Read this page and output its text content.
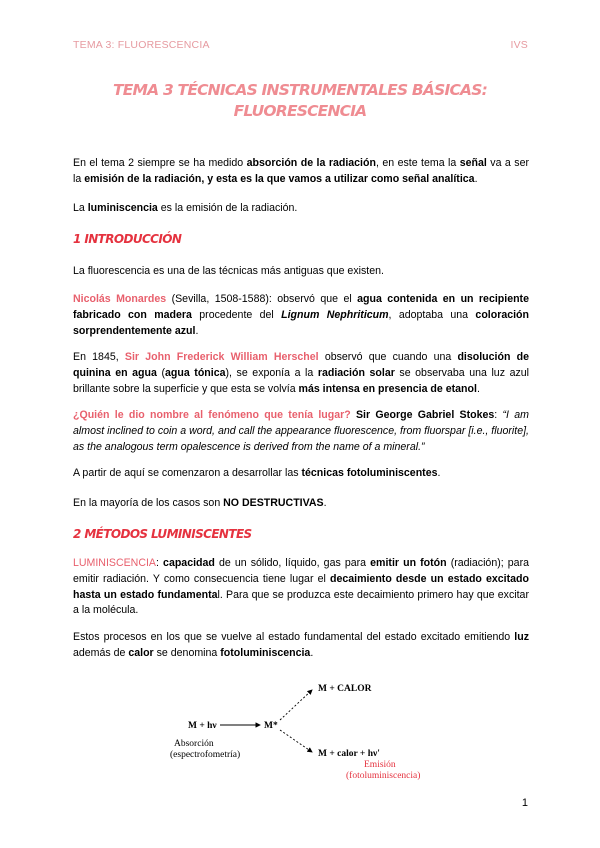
TEMA 3: FLUORESCENCIA	IVS
TEMA 3 TÉCNICAS INSTRUMENTALES BÁSICAS:
FLUORESCENCIA
En el tema 2 siempre se ha medido absorción de la radiación, en este tema la señal va a ser la emisión de la radiación, y esta es la que vamos a utilizar como señal analítica.
La luminiscencia es la emisión de la radiación.
1 INTRODUCCIÓN
La fluorescencia es una de las técnicas más antiguas que existen.
Nicolás Monardes (Sevilla, 1508-1588): observó que el agua contenida en un recipiente fabricado con madera procedente del Lignum Nephriticum, adoptaba una coloración sorprendentemente azul.
En 1845, Sir John Frederick William Herschel observó que cuando una disolución de quinina en agua (agua tónica), se exponía a la radiación solar se observaba una luz azul brillante sobre la superficie y que esta se volvía más intensa en presencia de etanol.
¿Quién le dio nombre al fenómeno que tenía lugar? Sir George Gabriel Stokes: “I am almost inclined to coin a word, and call the appearance fluorescence, from fluorspar [i.e., fluorite], as the analogous term opalescence is derived from the name of a mineral.”
A partir de aquí se comenzaron a desarrollar las técnicas fotoluminiscentes.
En la mayoría de los casos son NO DESTRUCTIVAS.
2 MÉTODOS LUMINISCENTES
LUMINISCENCIA: capacidad de un sólido, líquido, gas para emitir un fotón (radiación); para emitir radiación. Y como consecuencia tiene lugar el decaimiento desde un estado excitado hasta un estado fundamental. Para que se produzca este decaimiento primero hay que excitar a la molécula.
Estos procesos en los que se vuelve al estado fundamental del estado excitado emitiendo luz además de calor se denomina fotoluminiscencia.
M + hν	M*
M + CALOR
M + calor + hν'
Absorción
(espectrofometría)
Emisión
(fotoluminiscencia)
1
